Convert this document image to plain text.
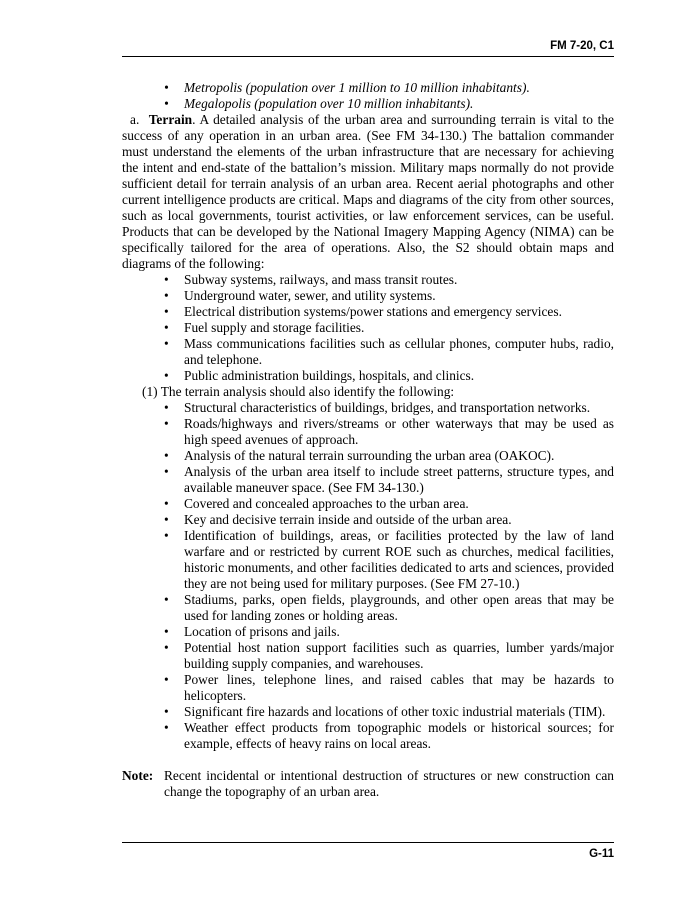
FM 7-20, C1
• Metropolis (population over 1 million to 10 million inhabitants).
• Megalopolis (population over 10 million inhabitants).

a. Terrain. A detailed analysis of the urban area and surrounding terrain is vital to the success of any operation in an urban area. (See FM 34-130.) The battalion commander must understand the elements of the urban infrastructure that are necessary for achieving the intent and end-state of the battalion’s mission. Military maps normally do not provide sufficient detail for terrain analysis of an urban area. Recent aerial photographs and other current intelligence products are critical. Maps and diagrams of the city from other sources, such as local governments, tourist activities, or law enforcement services, can be useful. Products that can be developed by the National Imagery Mapping Agency (NIMA) can be specifically tailored for the area of operations. Also, the S2 should obtain maps and diagrams of the following:

• Subway systems, railways, and mass transit routes.
• Underground water, sewer, and utility systems.
• Electrical distribution systems/power stations and emergency services.
• Fuel supply and storage facilities.
• Mass communications facilities such as cellular phones, computer hubs, radio, and telephone.
• Public administration buildings, hospitals, and clinics.

(1) The terrain analysis should also identify the following:

• Structural characteristics of buildings, bridges, and transportation networks.
• Roads/highways and rivers/streams or other waterways that may be used as high speed avenues of approach.
• Analysis of the natural terrain surrounding the urban area (OAKOC).
• Analysis of the urban area itself to include street patterns, structure types, and available maneuver space. (See FM 34-130.)
• Covered and concealed approaches to the urban area.
• Key and decisive terrain inside and outside of the urban area.
• Identification of buildings, areas, or facilities protected by the law of land warfare and or restricted by current ROE such as churches, medical facilities, historic monuments, and other facilities dedicated to arts and sciences, provided they are not being used for military purposes. (See FM 27-10.)
• Stadiums, parks, open fields, playgrounds, and other open areas that may be used for landing zones or holding areas.
• Location of prisons and jails.
• Potential host nation support facilities such as quarries, lumber yards/major building supply companies, and warehouses.
• Power lines, telephone lines, and raised cables that may be hazards to helicopters.
• Significant fire hazards and locations of other toxic industrial materials (TIM).
• Weather effect products from topographic models or historical sources; for example, effects of heavy rains on local areas.
Note: Recent incidental or intentional destruction of structures or new construction can change the topography of an urban area.
G-11
